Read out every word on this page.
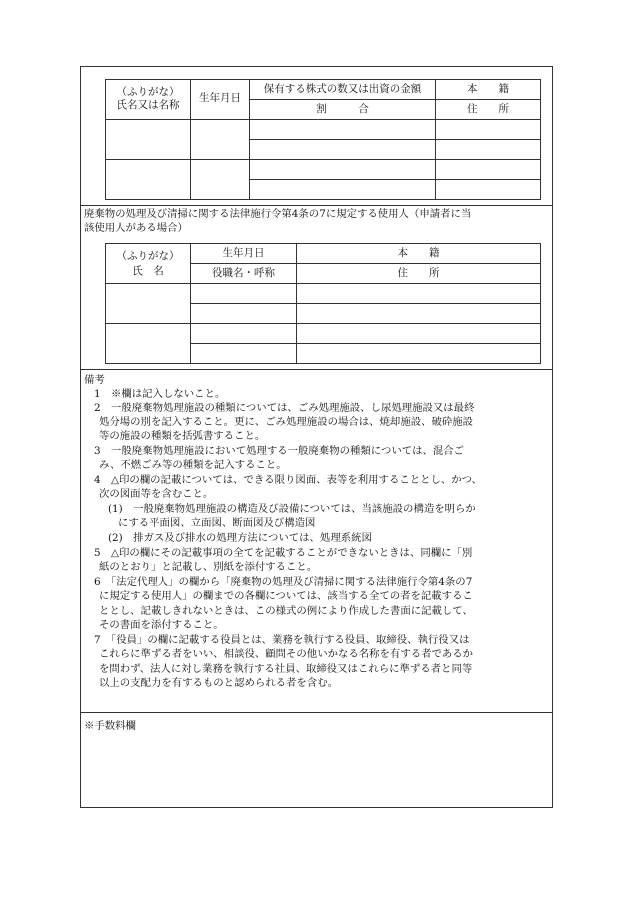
（ふりがな）
氏名又は名称
生年月日
保有する株式の数又は出資の金額
割　　　合
本　　籍
住　　所
廃棄物の処理及び清掃に関する法律施行令第4条の7に規定する使用人（申請者に当
該使用人がある場合）
（ふりがな）
氏　名
生年月日
役職名・呼称
本　　籍
住　　所
備考
1　※欄は記入しないこと。
2　一般廃棄物処理施設の種類については、ごみ処理施設、し尿処理施設又は最終
処分場の別を記入すること。更に、ごみ処理施設の場合は、焼却施設、破砕施設
等の施設の種類を括弧書すること。
3　一般廃棄物処理施設において処理する一般廃棄物の種類については、混合ご
み、不燃ごみ等の種類を記入すること。
4　△印の欄の記載については、できる限り図面、表等を利用することとし、かつ、
次の図面等を含むこと。
(1)　一般廃棄物処理施設の構造及び設備については、当該施設の構造を明らか
にする平面図、立面図、断面図及び構造図
(2)　排ガス及び排水の処理方法については、処理系統図
5　△印の欄にその記載事項の全てを記載することができないときは、同欄に「別
紙のとおり」と記載し、別紙を添付すること。
6　「法定代理人」の欄から「廃棄物の処理及び清掃に関する法律施行令第4条の7
に規定する使用人」の欄までの各欄については、該当する全ての者を記載するこ
ととし、記載しきれないときは、この様式の例により作成した書面に記載して、
その書面を添付すること。
7　「役員」の欄に記載する役員とは、業務を執行する役員、取締役、執行役又は
これらに準ずる者をいい、相談役、顧問その他いかなる名称を有する者であるか
を問わず、法人に対し業務を執行する社員、取締役又はこれらに準ずる者と同等
以上の支配力を有するものと認められる者を含む。
※手数料欄
